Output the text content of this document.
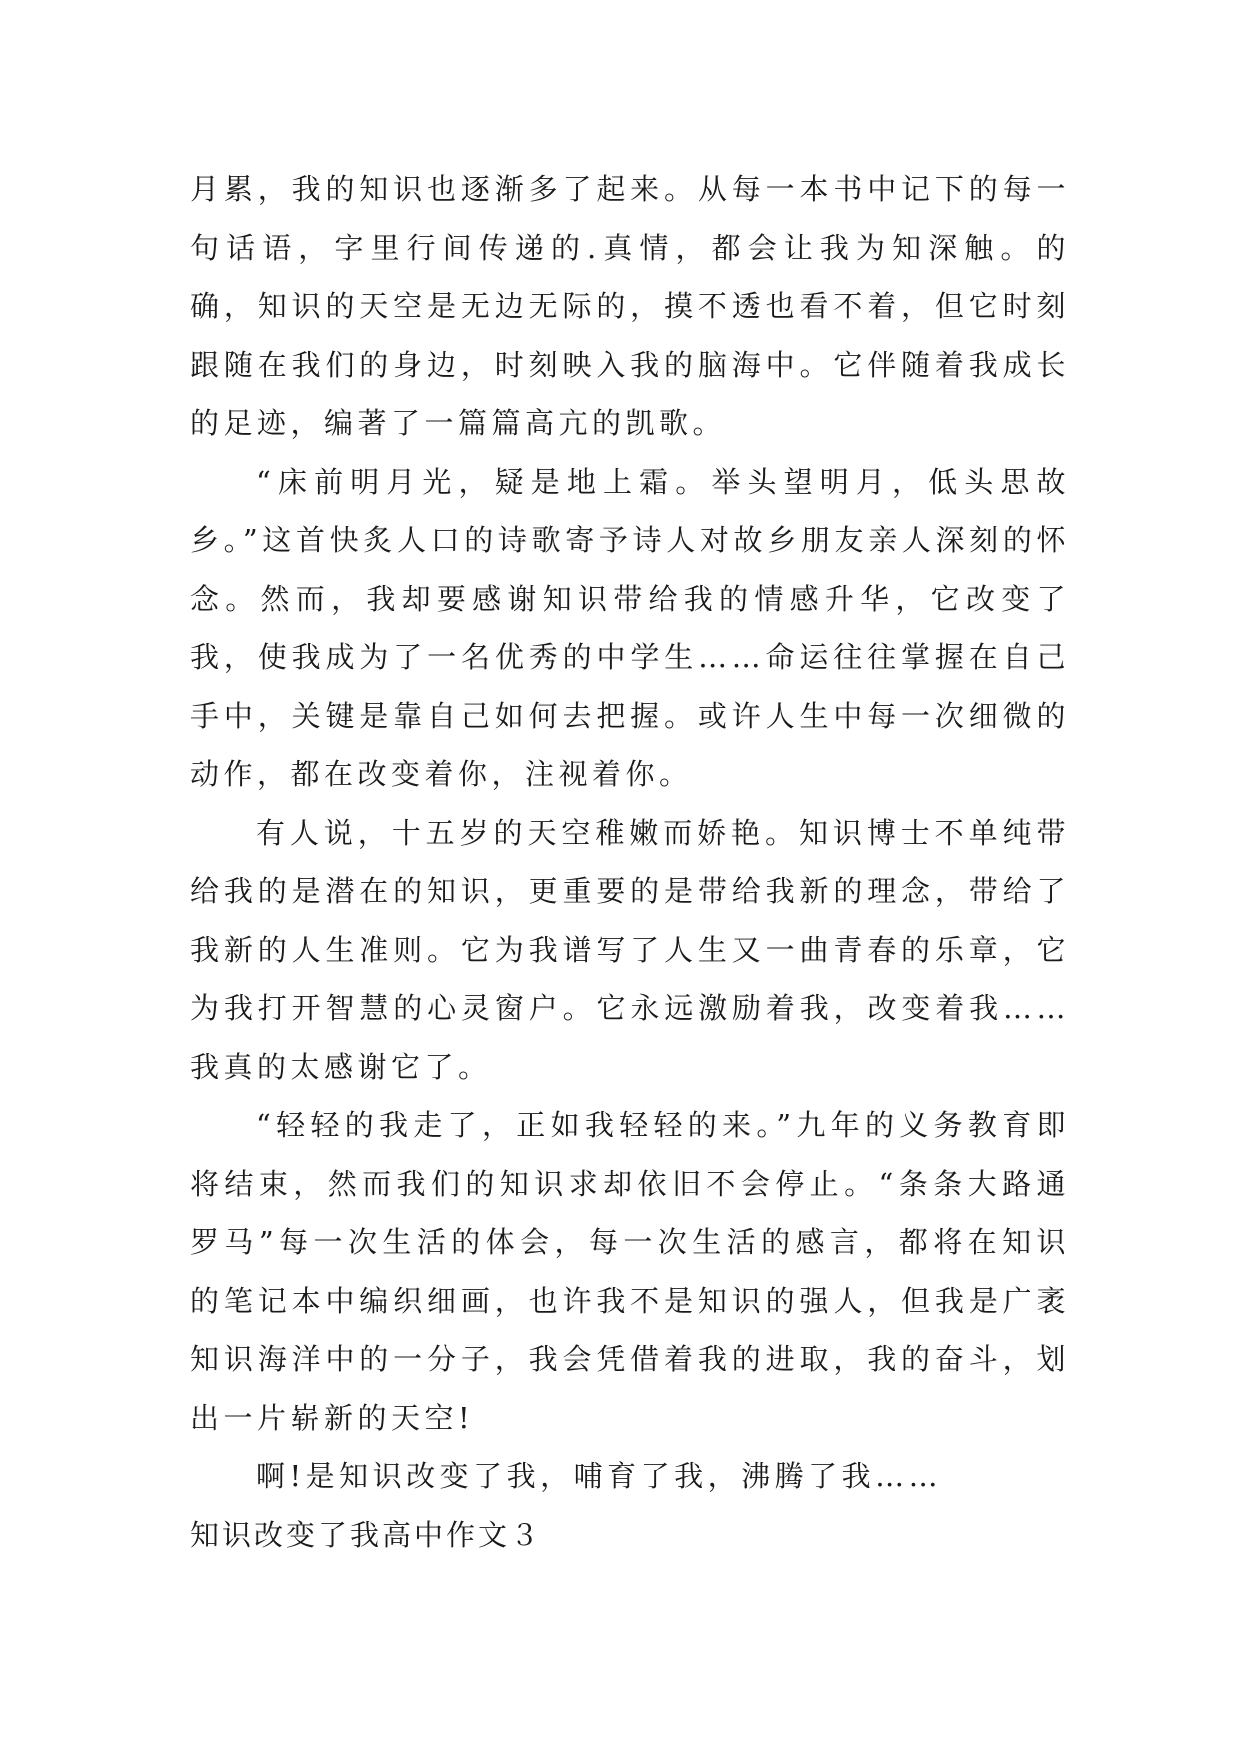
月累，我的知识也逐渐多了起来。从每一本书中记下的每一句话语，字里行间传递的.真情，都会让我为知深触。的确，知识的天空是无边无际的，摸不透也看不着，但它时刻跟随在我们的身边，时刻映入我的脑海中。它伴随着我成长的足迹，编著了一篇篇高亢的凯歌。

“床前明月光，疑是地上霜。举头望明月，低头思故乡。”这首快炙人口的诗歌寄予诗人对故乡朋友亲人深刻的怀念。然而，我却要感谢知识带给我的情感升华，它改变了我，使我成为了一名优秀的中学生……命运往往掌握在自己手中，关键是靠自己如何去把握。或许人生中每一次细微的动作，都在改变着你，注视着你。

有人说，十五岁的天空稚嫩而娇艳。知识博士不单纯带给我的是潜在的知识，更重要的是带给我新的理念，带给了我新的人生准则。它为我谱写了人生又一曲青春的乐章，它为我打开智慧的心灵窗户。它永远激励着我，改变着我……我真的太感谢它了。

“轻轻的我走了，正如我轻轻的来。”九年的义务教育即将结束，然而我们的知识求却依旧不会停止。“条条大路通罗马”每一次生活的体会，每一次生活的感言，都将在知识的笔记本中编织细画，也许我不是知识的强人，但我是广袤知识海洋中的一分子，我会凭借着我的进取，我的奋斗，划出一片崭新的天空!

啊!是知识改变了我，哺育了我，沸腾了我……

知识改变了我高中作文３
